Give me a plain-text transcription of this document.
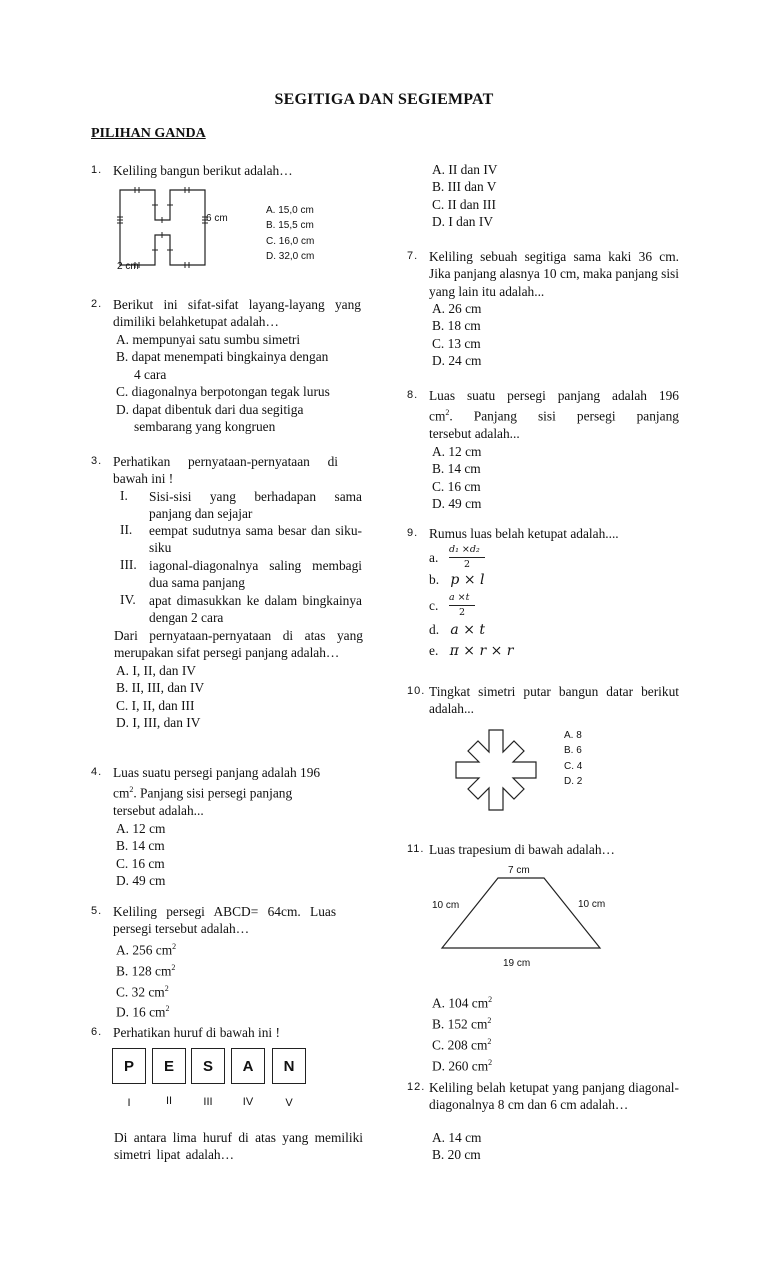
SEGITIGA DAN SEGIEMPAT
PILIHAN GANDA
1. Keliling bangun berikut adalah…
6 cm
2 cm
A. 15,0 cm
B. 15,5 cm
C. 16,0 cm
D. 32,0 cm
2. Berikut ini sifat-sifat layang-layang yang dimiliki belahketupat adalah…
A. mempunyai satu sumbu simetri
B. dapat menempati bingkainya dengan
4 cara
C. diagonalnya berpotongan tegak lurus
D. dapat dibentuk dari dua segitiga
sembarang yang kongruen
3. Perhatikan pernyataan-pernyataan di bawah ini !
I.	Sisi-sisi yang berhadapan sama panjang dan sejajar
II.	eempat sudutnya sama besar dan siku-siku
III. iagonal-diagonalnya saling membagi dua sama panjang
IV. apat dimasukkan ke dalam bingkainya dengan 2 cara
Dari pernyataan-pernyataan di atas yang merupakan sifat persegi panjang adalah…
A. I, II, dan IV
B. II, III, dan IV
C. I, II, dan III
D. I, III, dan IV
4. Luas suatu persegi panjang adalah 196
$cm^2$. Panjang sisi persegi panjang
tersebut adalah...
A. 12 cm
B. 14 cm
C. 16 cm
D. 49 cm
5. Keliling persegi ABCD= 64cm. Luas
persegi tersebut adalah…
A. 256 $cm^2$
B. 128 $cm^2$
C. 32 $cm^2$
D. 16 $cm^2$
6. Perhatikan huruf di bawah ini !
P	E	S	A	N
I	II	III	IV	V
Di antara lima huruf di atas yang memiliki simetri lipat adalah…
A. II dan IV
B. III dan V
C. II dan III
D. I dan IV
7. Keliling sebuah segitiga sama kaki 36 cm. Jika panjang alasnya 10 cm, maka panjang sisi yang lain itu adalah...
A. 26 cm
B. 18 cm
C. 13 cm
D. 24 cm
8. Luas suatu persegi panjang adalah 196
$cm^2$. Panjang sisi persegi panjang
tersebut adalah...
A. 12 cm
B. 14 cm
C. 16 cm
D. 49 cm
9. Rumus luas belah ketupat adalah....
a.
d₁ ×d₂
2
b. p × l
c.
a ×t
2
d. a × t
e. π × r × r
10. Tingkat simetri putar bangun datar berikut adalah...
A. 8
B. 6
C. 4
D. 2
11. Luas trapesium di bawah adalah…
7 cm
10 cm	10 cm
19 cm
A. 104 $cm^2$
B. 152 $cm^2$
C. 208 $cm^2$
D. 260 $cm^2$
12. Keliling belah ketupat yang panjang diagonal-diagonalnya 8 cm dan 6 cm adalah…
A. 14 cm
B. 20 cm
